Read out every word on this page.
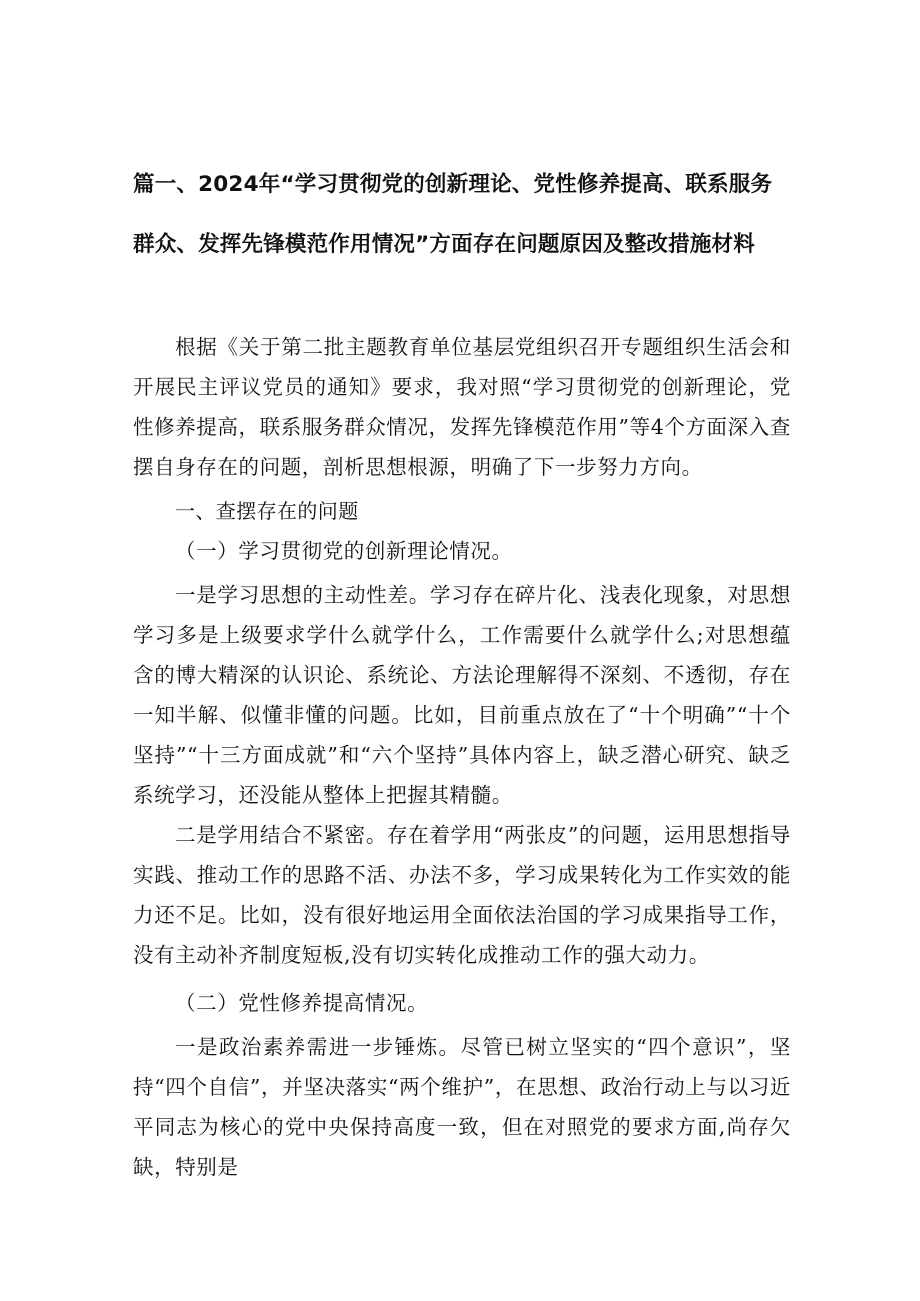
篇一、2024年“学习贯彻党的创新理论、党性修养提高、联系服务
群众、发挥先锋模范作用情况”方面存在问题原因及整改措施材料

根据《关于第二批主题教育单位基层党组织召开专题组织生活会和开展民主评议党员的通知》要求，我对照“学习贯彻党的创新理论，党性修养提高，联系服务群众情况，发挥先锋模范作用”等4个方面深入查摆自身存在的问题，剖析思想根源，明确了下一步努力方向。

一、查摆存在的问题

（一）学习贯彻党的创新理论情况。

一是学习思想的主动性差。学习存在碎片化、浅表化现象，对思想学习多是上级要求学什么就学什么，工作需要什么就学什么;对思想蕴含的博大精深的认识论、系统论、方法论理解得不深刻、不透彻，存在一知半解、似懂非懂的问题。比如，目前重点放在了“十个明确”“十个坚持”“十三方面成就”和“六个坚持”具体内容上，缺乏潜心研究、缺乏系统学习，还没能从整体上把握其精髓。

二是学用结合不紧密。存在着学用“两张皮”的问题，运用思想指导实践、推动工作的思路不活、办法不多，学习成果转化为工作实效的能力还不足。比如，没有很好地运用全面依法治国的学习成果指导工作，没有主动补齐制度短板,没有切实转化成推动工作的强大动力。

（二）党性修养提高情况。

一是政治素养需进一步锤炼。尽管已树立坚实的“四个意识”，坚持“四个自信”，并坚决落实“两个维护”，在思想、政治行动上与以习近平同志为核心的党中央保持高度一致，但在对照党的要求方面,尚存欠缺，特别是
